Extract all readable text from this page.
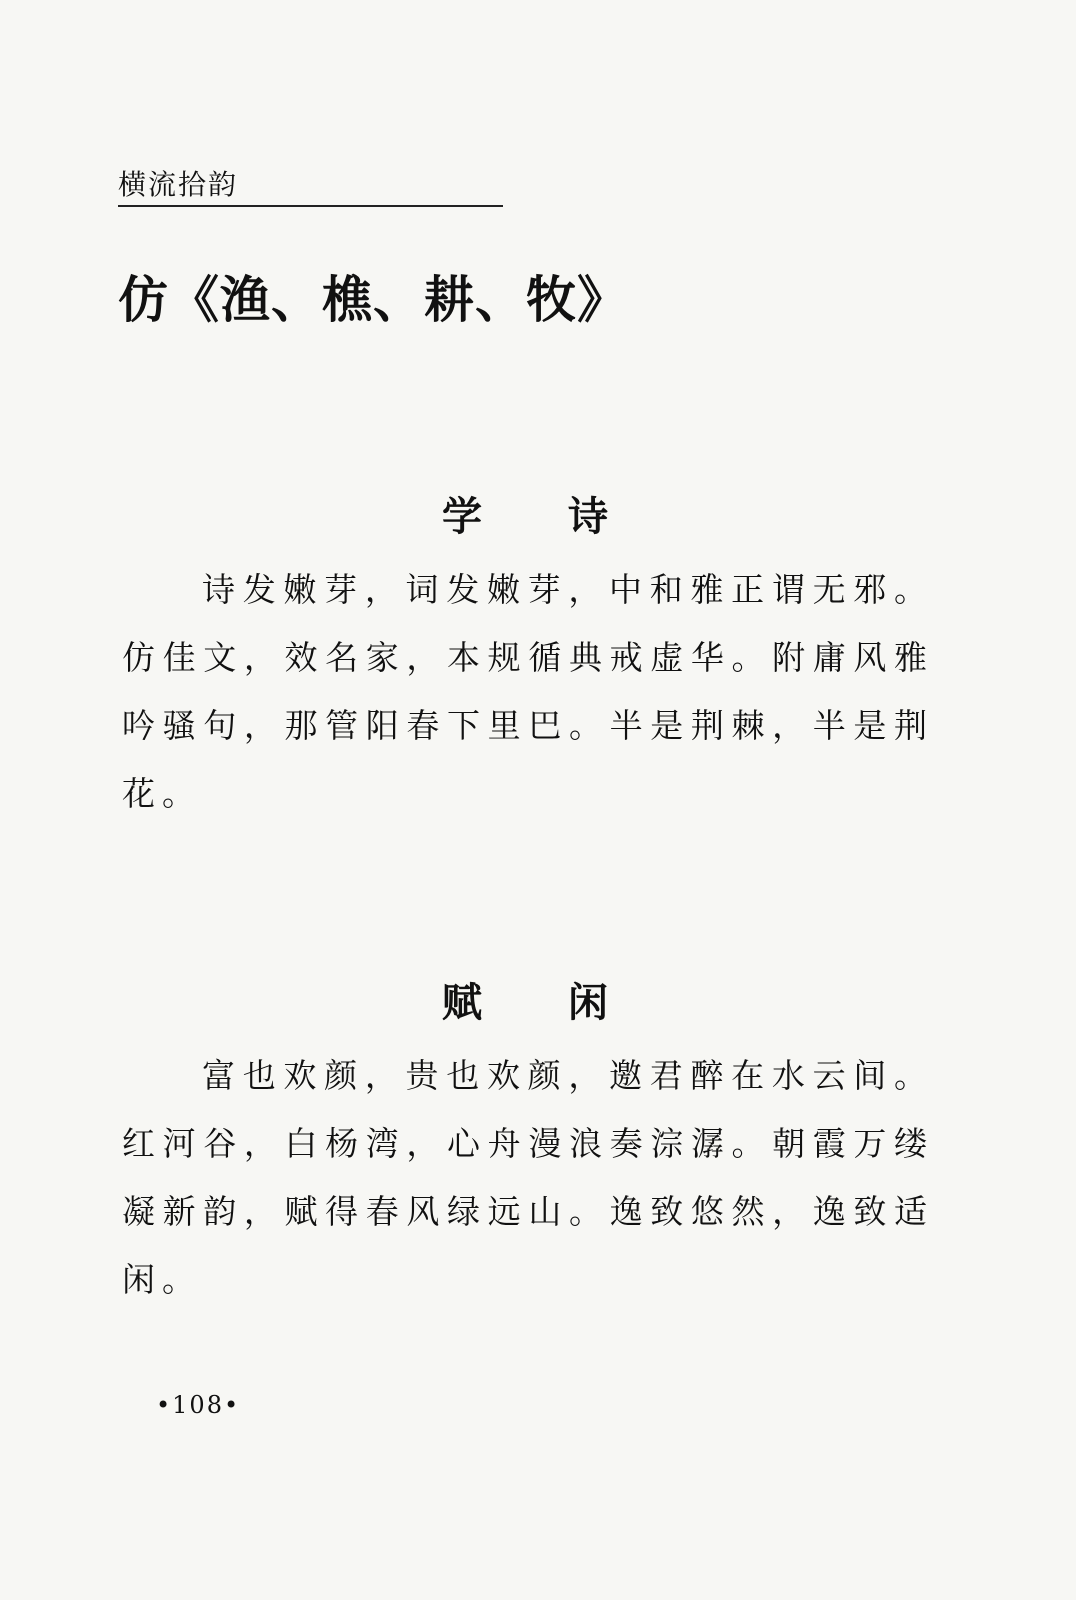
横流拾韵
仿《渔、樵、耕、牧》
学 诗

诗发嫩芽，词发嫩芽，中和雅正谓无邪。仿佳文，效名家，本规循典戒虚华。附庸风雅吟骚句，那管阳春下里巴。半是荆棘，半是荆花。

赋 闲

富也欢颜，贵也欢颜，邀君醉在水云间。红河谷，白杨湾，心舟漫浪奏淙潺。朝霞万缕凝新韵，赋得春风绿远山。逸致悠然，逸致适闲。

•108•
